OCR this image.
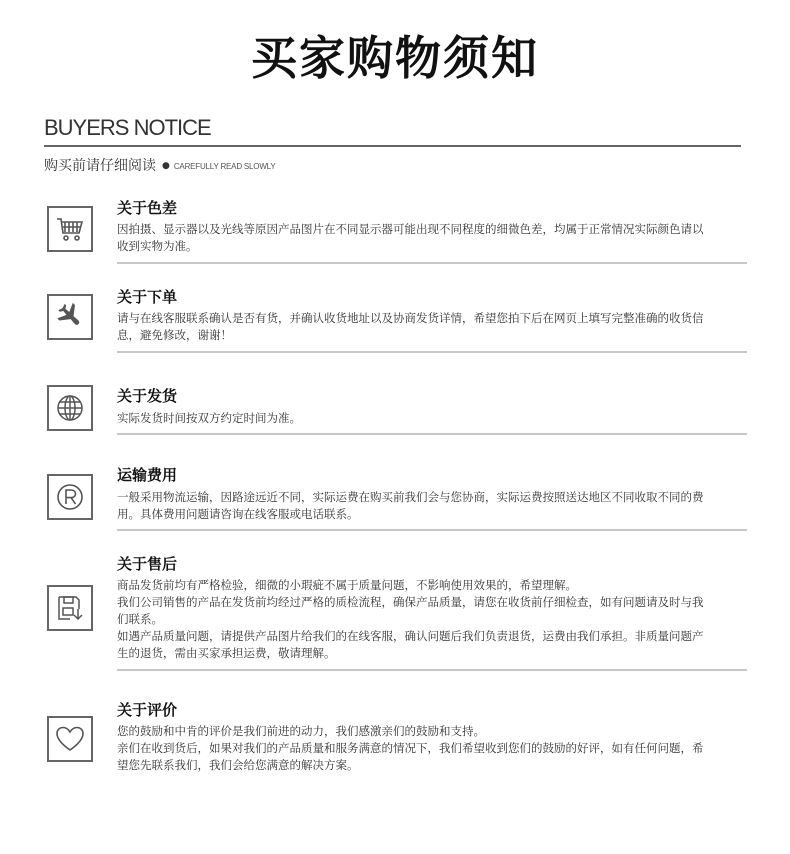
买家购物须知
BUYERS NOTICE
购买前请仔细阅读 ● CAREFULLY READ SLOWLY
关于色差

因拍摄、显示器以及光线等原因产品图片在不同显示器可能出现不同程度的细微色差，均属于正常情况实际颜色请以收到实物为准。

关于下单

请与在线客服联系确认是否有货，并确认收货地址以及协商发货详情，希望您拍下后在网页上填写完整准确的收货信息，避免修改，谢谢！

关于发货

实际发货时间按双方约定时间为准。

运输费用

一般采用物流运输，因路途远近不同，实际运费在购买前我们会与您协商，实际运费按照送达地区不同收取不同的费用。具体费用问题请咨询在线客服或电话联系。

关于售后

商品发货前均有严格检验，细微的小瑕疵不属于质量问题，不影响使用效果的，希望理解。

我们公司销售的产品在发货前均经过严格的质检流程，确保产品质量，请您在收货前仔细检查，如有问题请及时与我们联系。

如遇产品质量问题，请提供产品图片给我们的在线客服，确认问题后我们负责退货，运费由我们承担。非质量问题产生的退货，需由买家承担运费，敬请理解。

关于评价

您的鼓励和中肯的评价是我们前进的动力，我们感激亲们的鼓励和支持。

亲们在收到货后，如果对我们的产品质量和服务满意的情况下，我们希望收到您们的鼓励的好评，如有任何问题，希望您先联系我们，我们会给您满意的解决方案。
